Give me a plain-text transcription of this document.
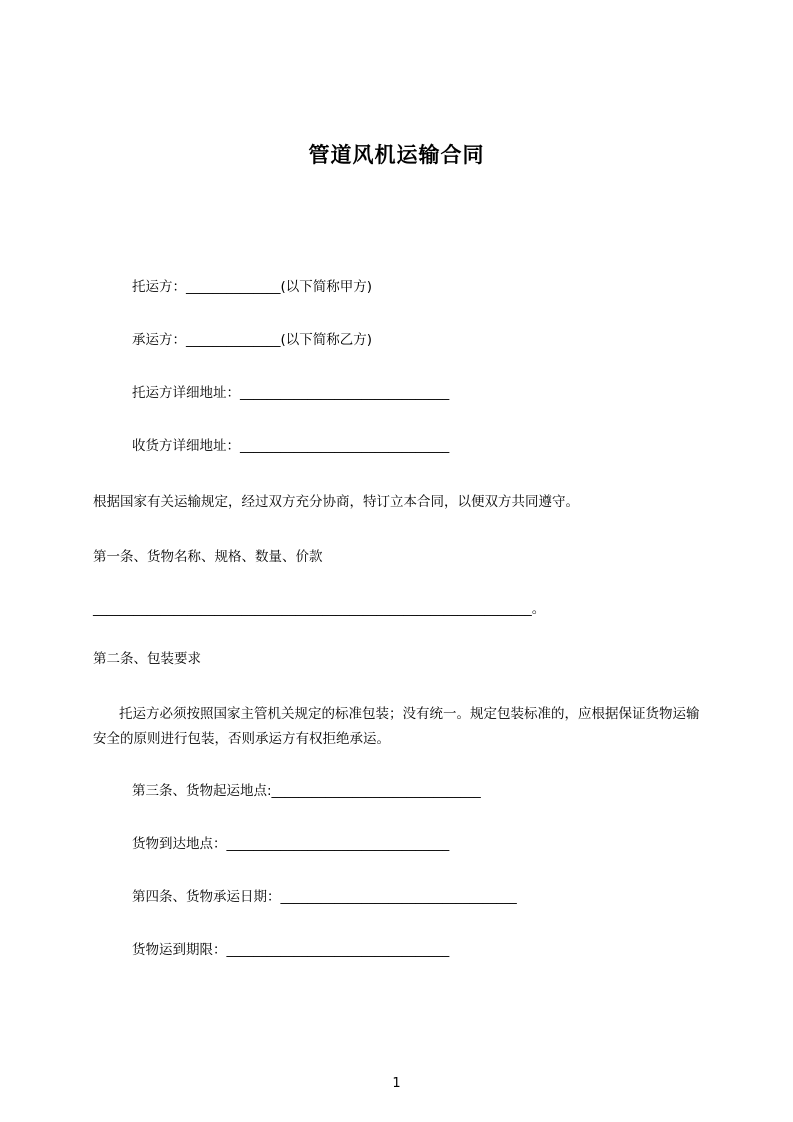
管道风机运输合同

托运方：______________(以下简称甲方)

承运方：______________(以下简称乙方)

托运方详细地址：_______________________________

收货方详细地址：_______________________________

根据国家有关运输规定，经过双方充分协商，特订立本合同，以便双方共同遵守。

第一条、货物名称、规格、数量、价款

_________________________________________________________________。

第二条、包装要求

托运方必须按照国家主管机关规定的标准包装；没有统一。规定包装标准的，应根据保证货物运输安全的原则进行包装，否则承运方有权拒绝承运。

第三条、货物起运地点:_______________________________

货物到达地点：_________________________________

第四条、货物承运日期：___________________________________

货物运到期限：_________________________________

1
